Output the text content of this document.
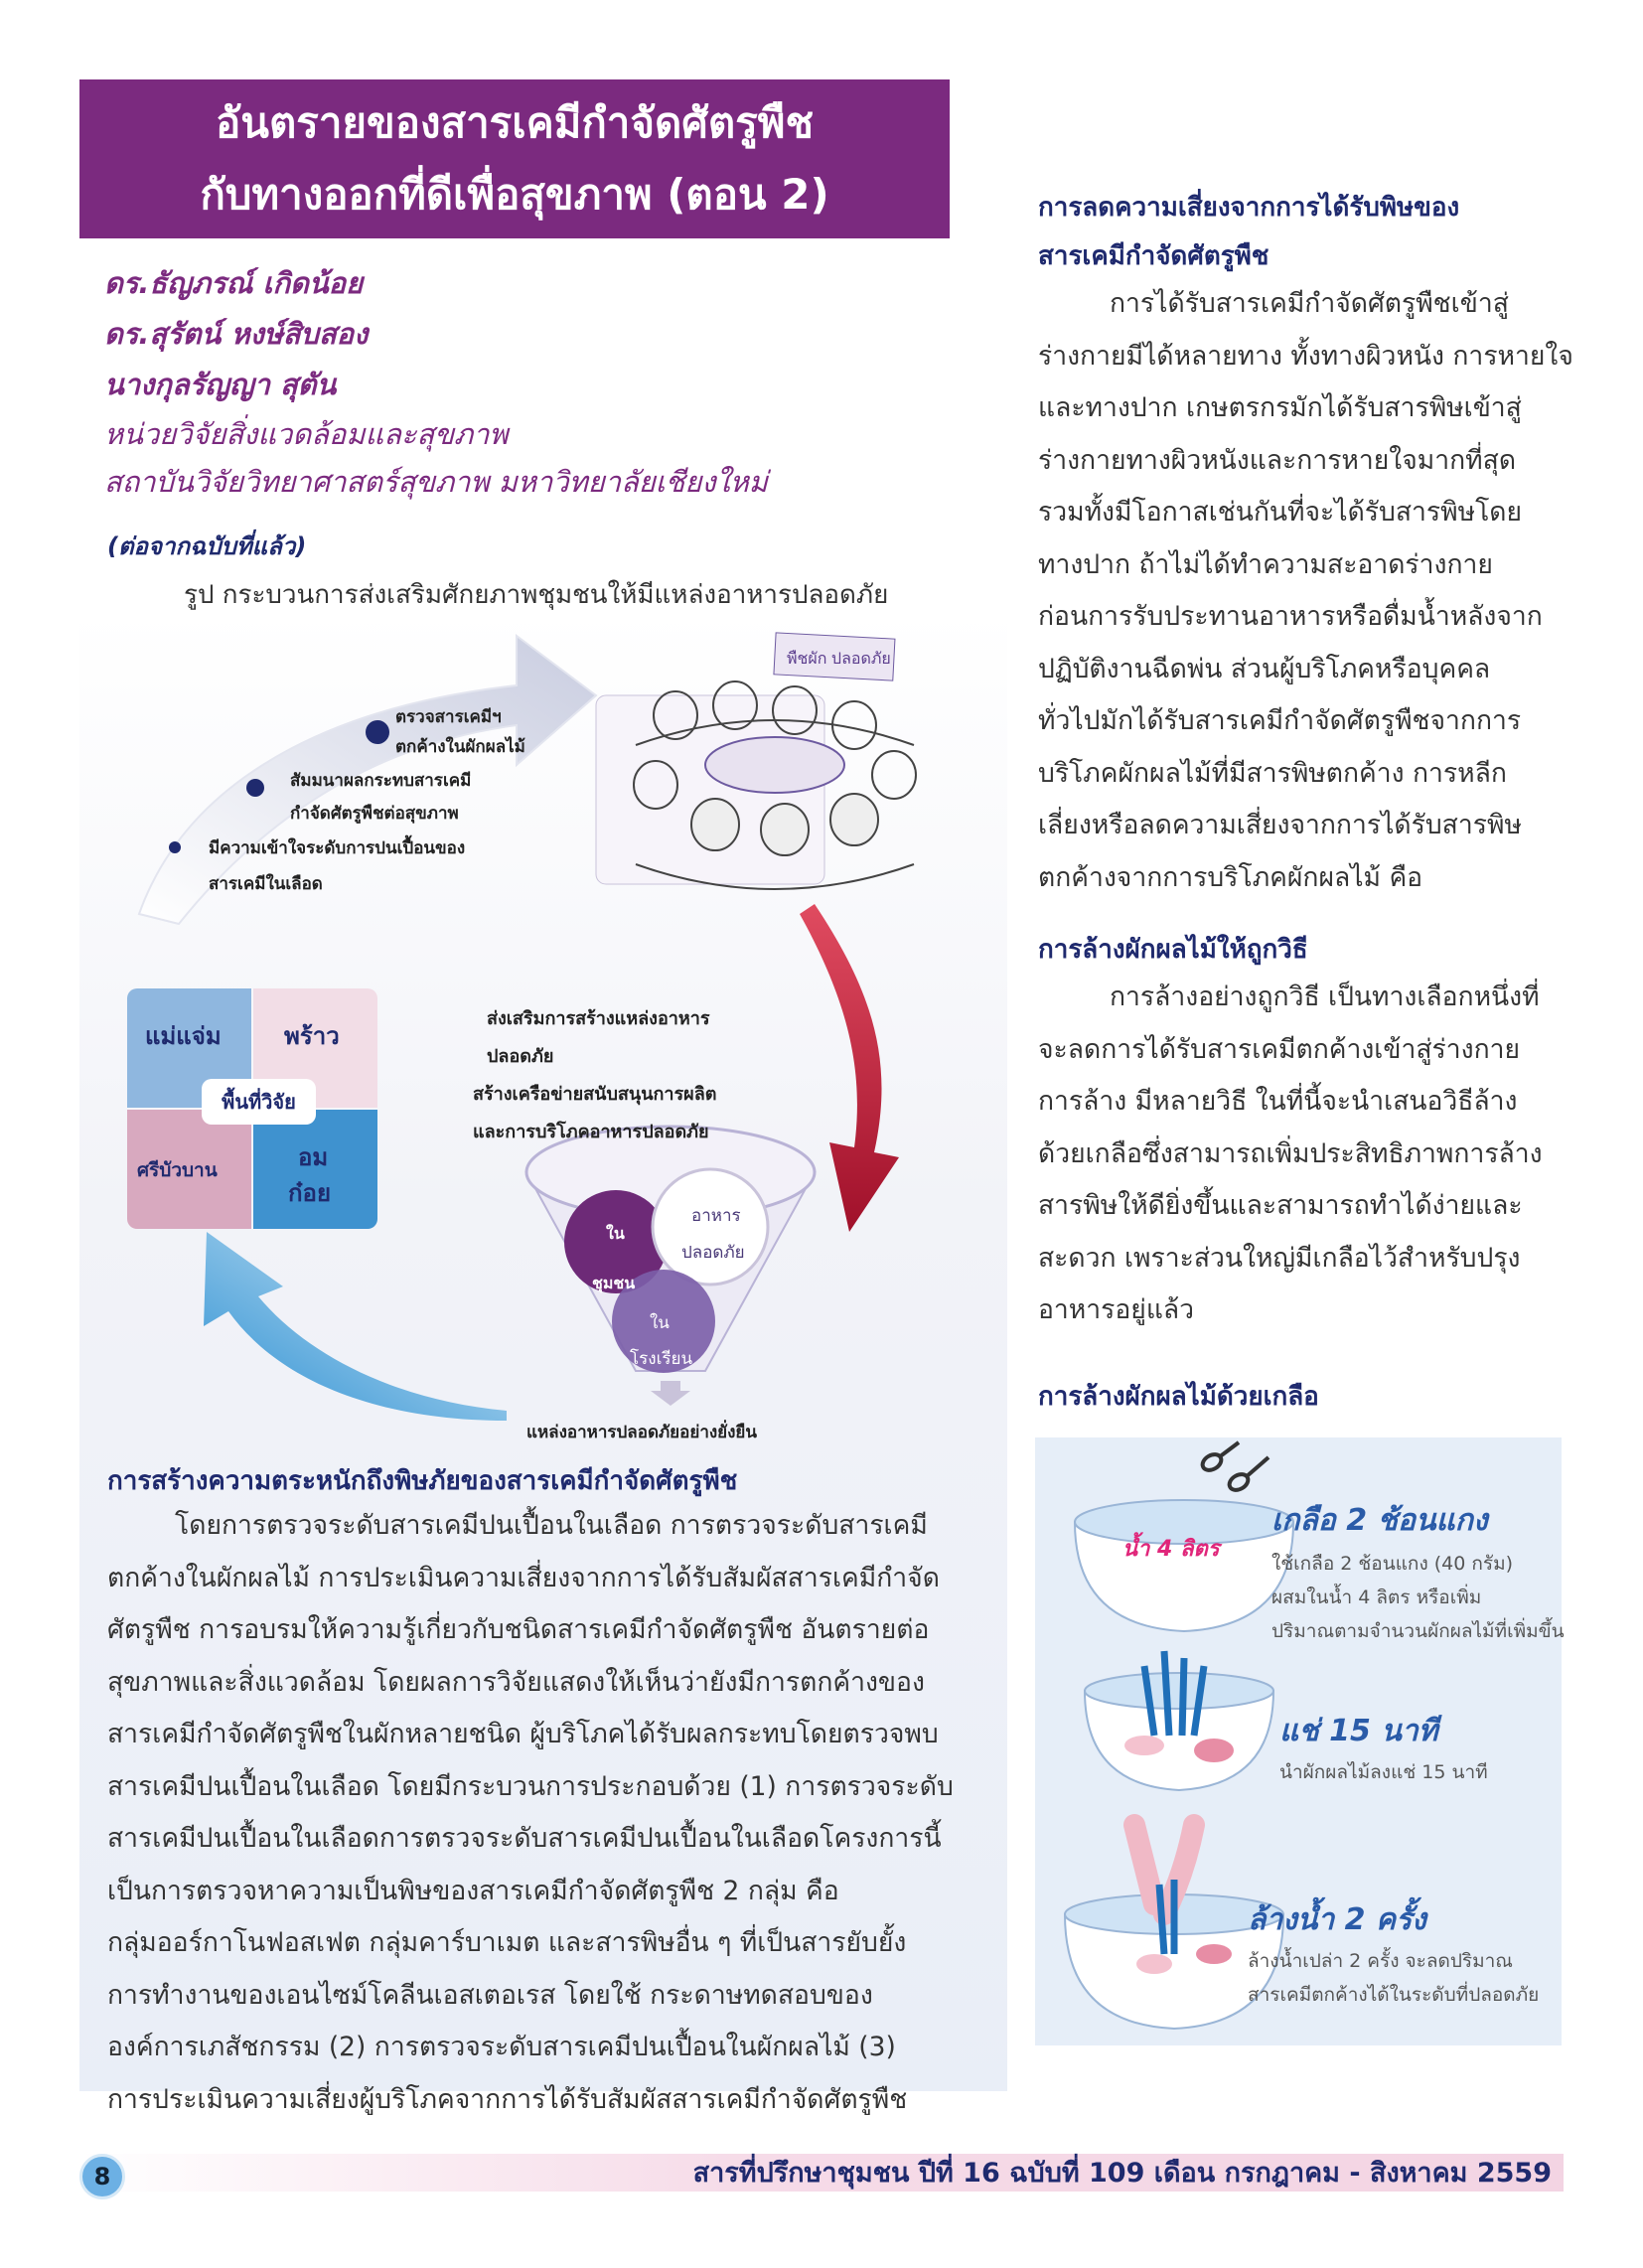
อันตรายของสารเคมีกำจัดศัตรูพืช
กับทางออกที่ดีเพื่อสุขภาพ (ตอน 2)
ดร.ธัญภรณ์ เกิดน้อย
ดร.สุรัตน์ หงษ์สิบสอง
นางกุลรัญญา สุตัน
หน่วยวิจัยสิ่งแวดล้อมและสุขภาพ
สถาบันวิจัยวิทยาศาสตร์สุขภาพ มหาวิทยาลัยเชียงใหม่
(ต่อจากฉบับที่แล้ว)
รูป กระบวนการส่งเสริมศักยภาพชุมชนให้มีแหล่งอาหารปลอดภัย
พืชผัก ปลอดภัย
ตรวจสารเคมีฯ
ตกค้างในผักผลไม้
สัมมนาผลกระทบสารเคมี
กำจัดศัตรูพืชต่อสุขภาพ
มีความเข้าใจระดับการปนเปื้อนของ
สารเคมีในเลือด
แม่แจ่ม	พร้าว
ศรีบัวบาน	อม
ก๋อย
พื้นที่วิจัย
ส่งเสริมการสร้างแหล่งอาหาร
ปลอดภัย
สร้างเครือข่ายสนับสนุนการผลิต
และการบริโภคอาหารปลอดภัย
ใน
ชุมชน
อาหาร
ปลอดภัย
ใน
โรงเรียน
แหล่งอาหารปลอดภัยอย่างยั่งยืน
การสร้างความตระหนักถึงพิษภัยของสารเคมีกำจัดศัตรูพืช
โดยการตรวจระดับสารเคมีปนเปื้อนในเลือด การตรวจระดับสารเคมี
ตกค้างในผักผลไม้ การประเมินความเสี่ยงจากการได้รับสัมผัสสารเคมีกำจัด
ศัตรูพืช การอบรมให้ความรู้เกี่ยวกับชนิดสารเคมีกำจัดศัตรูพืช อันตรายต่อ
สุขภาพและสิ่งแวดล้อม โดยผลการวิจัยแสดงให้เห็นว่ายังมีการตกค้างของ
สารเคมีกำจัดศัตรูพืชในผักหลายชนิด ผู้บริโภคได้รับผลกระทบโดยตรวจพบ
สารเคมีปนเปื้อนในเลือด โดยมีกระบวนการประกอบด้วย (1) การตรวจระดับ
สารเคมีปนเปื้อนในเลือดการตรวจระดับสารเคมีปนเปื้อนในเลือดโครงการนี้
เป็นการตรวจหาความเป็นพิษของสารเคมีกำจัดศัตรูพืช 2 กลุ่ม คือ
กลุ่มออร์กาโนฟอสเฟต กลุ่มคาร์บาเมต และสารพิษอื่น ๆ ที่เป็นสารยับยั้ง
การทำงานของเอนไซม์โคลีนเอสเตอเรส โดยใช้ กระดาษทดสอบของ
องค์การเภสัชกรรม (2) การตรวจระดับสารเคมีปนเปื้อนในผักผลไม้ (3)
การประเมินความเสี่ยงผู้บริโภคจากการได้รับสัมผัสสารเคมีกำจัดศัตรูพืช
การลดความเสี่ยงจากการได้รับพิษของ
สารเคมีกำจัดศัตรูพืช
การได้รับสารเคมีกำจัดศัตรูพืชเข้าสู่
ร่างกายมีได้หลายทาง ทั้งทางผิวหนัง การหายใจ
และทางปาก เกษตรกรมักได้รับสารพิษเข้าสู่
ร่างกายทางผิวหนังและการหายใจมากที่สุด
รวมทั้งมีโอกาสเช่นกันที่จะได้รับสารพิษโดย
ทางปาก ถ้าไม่ได้ทำความสะอาดร่างกาย
ก่อนการรับประทานอาหารหรือดื่มน้ำหลังจาก
ปฏิบัติงานฉีดพ่น ส่วนผู้บริโภคหรือบุคคล
ทั่วไปมักได้รับสารเคมีกำจัดศัตรูพืชจากการ
บริโภคผักผลไม้ที่มีสารพิษตกค้าง การหลีก
เลี่ยงหรือลดความเสี่ยงจากการได้รับสารพิษ
ตกค้างจากการบริโภคผักผลไม้ คือ
การล้างผักผลไม้ให้ถูกวิธี
การล้างอย่างถูกวิธี เป็นทางเลือกหนึ่งที่
จะลดการได้รับสารเคมีตกค้างเข้าสู่ร่างกาย
การล้าง มีหลายวิธี ในที่นี้จะนำเสนอวิธีล้าง
ด้วยเกลือซึ่งสามารถเพิ่มประสิทธิภาพการล้าง
สารพิษให้ดียิ่งขึ้นและสามารถทำได้ง่ายและ
สะดวก เพราะส่วนใหญ่มีเกลือไว้สำหรับปรุง
อาหารอยู่แล้ว
การล้างผักผลไม้ด้วยเกลือ
น้ำ 4 ลิตร
เกลือ 2 ช้อนแกง
ใช้เกลือ 2 ช้อนแกง (40 กรัม)
ผสมในน้ำ 4 ลิตร หรือเพิ่ม
ปริมาณตามจำนวนผักผลไม้ที่เพิ่มขึ้น
แช่ 15 นาที
นำผักผลไม้ลงแช่ 15 นาที
ล้างน้ำ 2 ครั้ง
ล้างน้ำเปล่า 2 ครั้ง จะลดปริมาณ
สารเคมีตกค้างได้ในระดับที่ปลอดภัย
8	สารที่ปรึกษาชุมชน ปีที่ 16 ฉบับที่ 109 เดือน กรกฎาคม - สิงหาคม 2559
